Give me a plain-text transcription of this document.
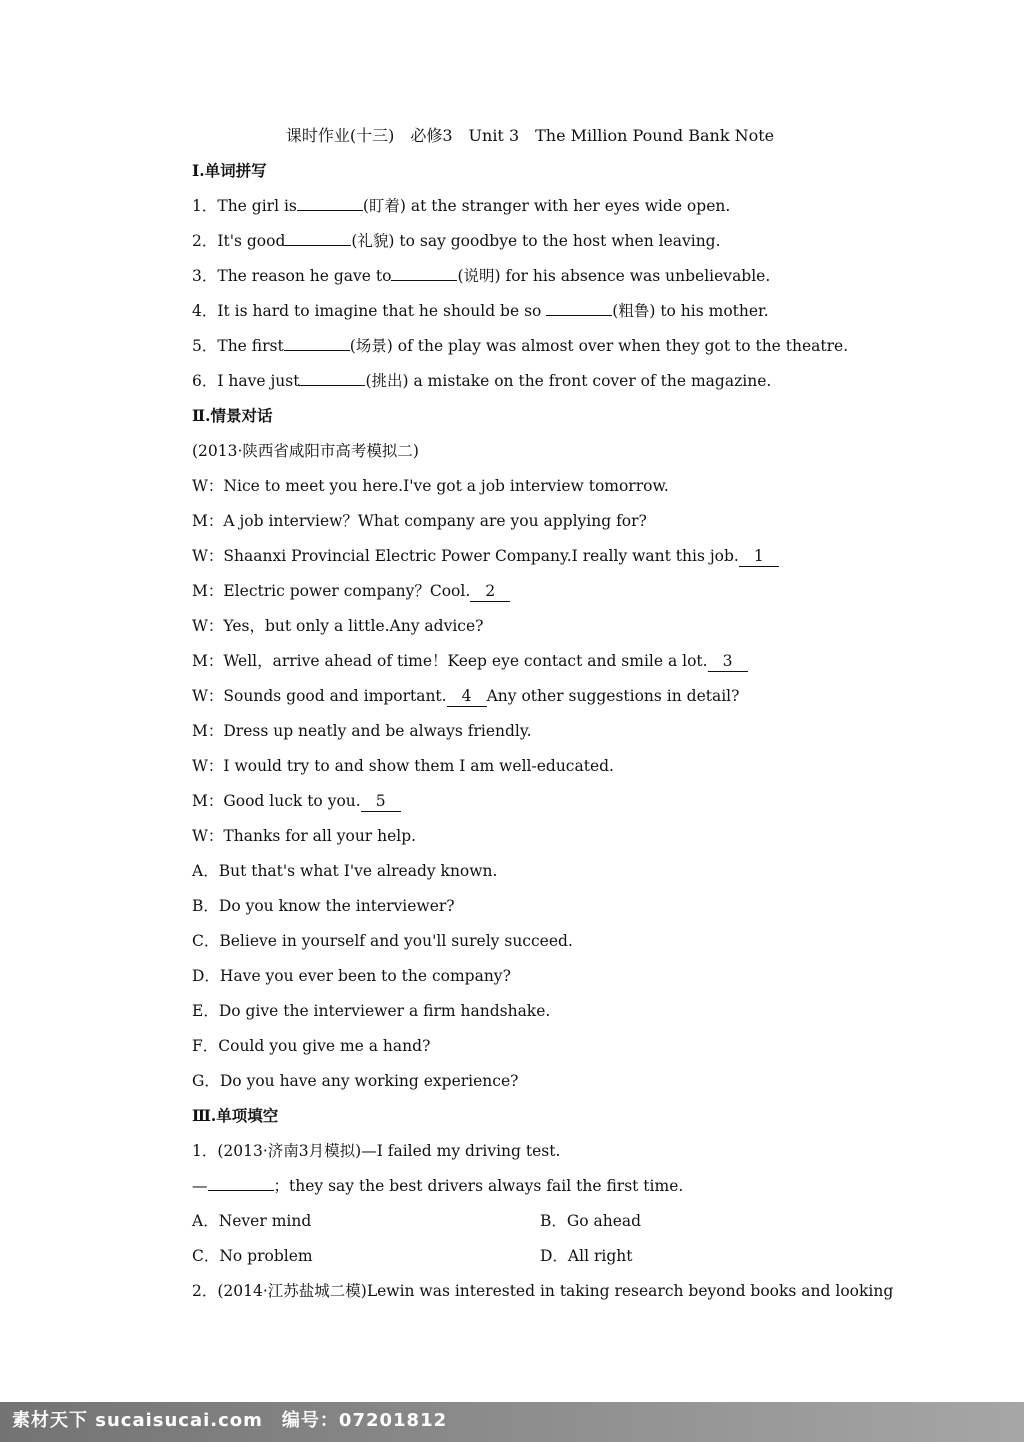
课时作业(十三)　必修3　Unit 3　The Million Pound Bank Note
Ⅰ.单词拼写
1．The girl is	(盯着) at the stranger with her eyes wide open.
2．It's good	(礼貌) to say goodbye to the host when leaving.
3．The reason he gave to	(说明) for his absence was unbelievable.
4．It is hard to imagine that he should be so	(粗鲁) to his mother.
5．The first	(场景) of the play was almost over when they got to the theatre.
6．I have just	(挑出) a mistake on the front cover of the magazine.
Ⅱ.情景对话
(2013·陕西省咸阳市高考模拟二)
W：Nice to meet you here.I've got a job interview tomorrow.
M：A job interview？What company are you applying for?
W：Shaanxi Provincial Electric Power Company.I really want this job. 1
M：Electric power company？Cool. 2
W：Yes，but only a little.Any advice?
M：Well，arrive ahead of time！Keep eye contact and smile a lot. 3
W：Sounds good and important. 4 Any other suggestions in detail?
M：Dress up neatly and be always friendly.
W：I would try to and show them I am well-educated.
M：Good luck to you. 5
W：Thanks for all your help.
A．But that's what I've already known.
B．Do you know the interviewer?
C．Believe in yourself and you'll surely succeed.
D．Have you ever been to the company?
E．Do give the interviewer a firm handshake.
F．Could you give me a hand?
G．Do you have any working experience?
Ⅲ.单项填空
1．(2013·济南3月模拟)—I failed my driving test.
—	；they say the best drivers always fail the first time.
A．Never mind	B．Go ahead
C．No problem	D．All right
2．(2014·江苏盐城二模)Lewin was interested in taking research beyond books and looking
素材天下 sucaisucai.com　编号：07201812
